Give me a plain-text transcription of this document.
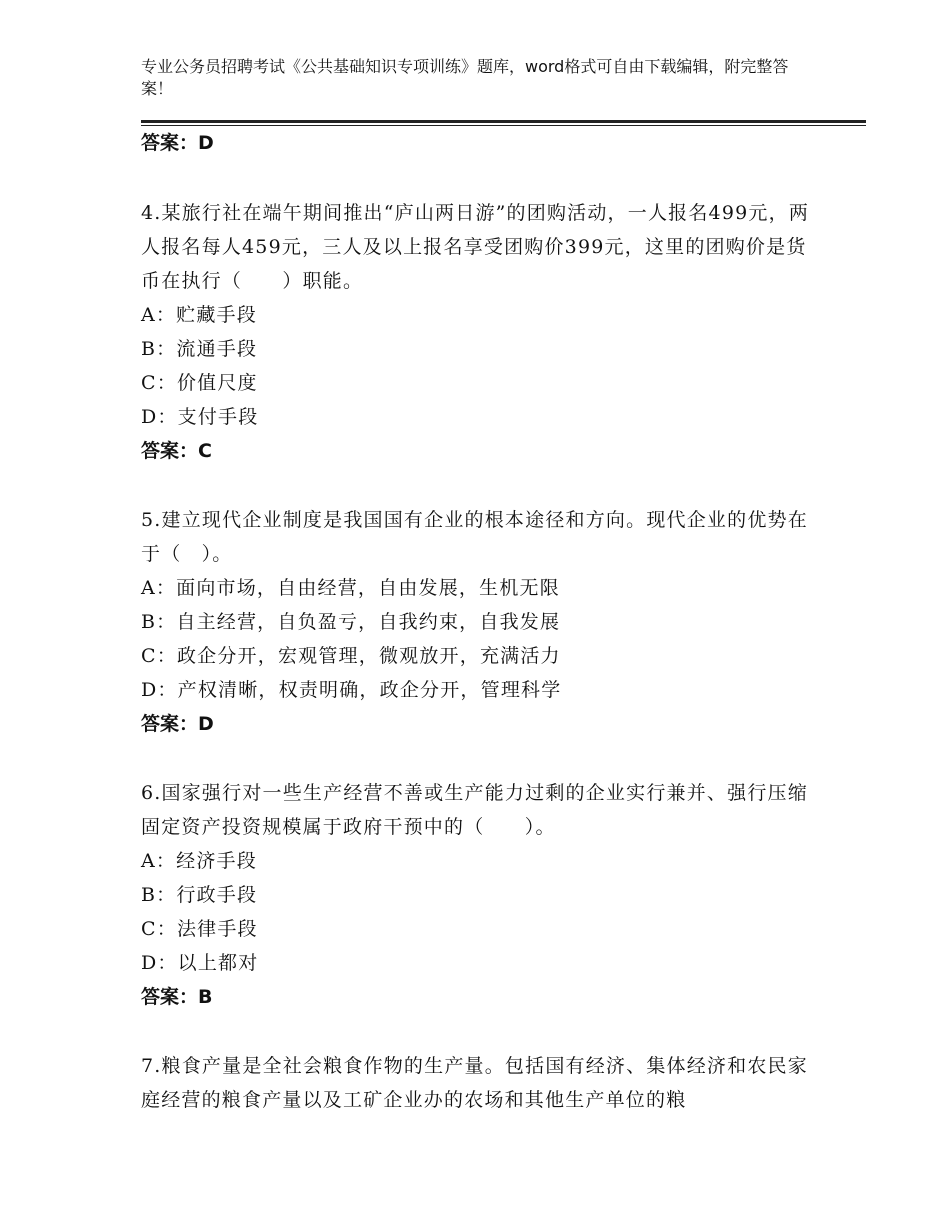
专业公务员招聘考试《公共基础知识专项训练》题库，word格式可自由下载编辑，附完整答案！
答案：D

4.某旅行社在端午期间推出“庐山两日游”的团购活动，一人报名499元，两人报名每人459元，三人及以上报名享受团购价399元，这里的团购价是货币在执行（　　）职能。

A：贮藏手段

B：流通手段

C：价值尺度

D：支付手段

答案：C

5.建立现代企业制度是我国国有企业的根本途径和方向。现代企业的优势在于（　）。

A：面向市场，自由经营，自由发展，生机无限

B：自主经营，自负盈亏，自我约束，自我发展

C：政企分开，宏观管理，微观放开，充满活力

D：产权清晰，权责明确，政企分开，管理科学

答案：D

6.国家强行对一些生产经营不善或生产能力过剩的企业实行兼并、强行压缩固定资产投资规模属于政府干预中的（　　）。

A：经济手段

B：行政手段

C：法律手段

D：以上都对

答案：B

7.粮食产量是全社会粮食作物的生产量。包括国有经济、集体经济和农民家庭经营的粮食产量以及工矿企业办的农场和其他生产单位的粮
